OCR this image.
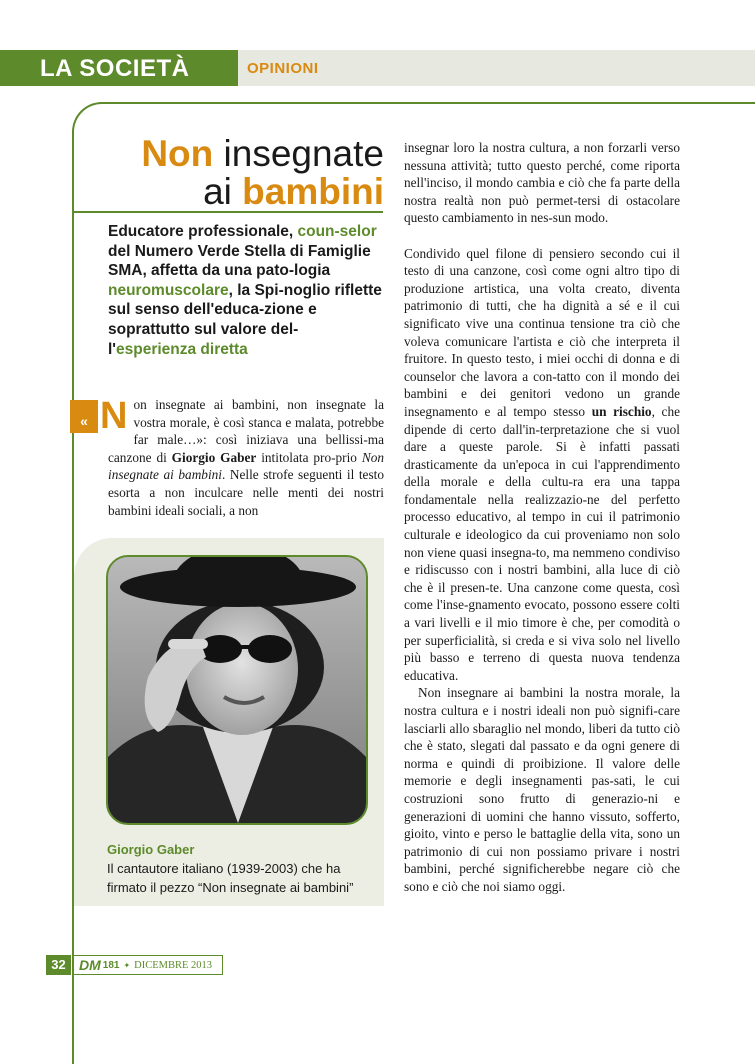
LA SOCIETÀ	OPINIONI
Non insegnate
ai bambini
Educatore professionale, coun-selor del Numero Verde Stella di Famiglie SMA, affetta da una pato-logia neuromuscolare, la Spi-noglio riflette sul senso dell'educa-zione e soprattutto sul valore del-l'esperienza diretta

« N on insegnate ai bambini, non insegnate la vostra morale, è così stanca e malata, potrebbe far male…»: così iniziava una bellissi-ma canzone di Giorgio Gaber intitolata pro-prio Non insegnate ai bambini. Nelle strofe seguenti il testo esorta a non inculcare nelle menti dei nostri bambini ideali sociali, a non

Giorgio Gaber
Il cantautore italiano (1939-2003) che ha firmato il pezzo “Non insegnate ai bambini”

insegnar loro la nostra cultura, a non forzarli verso nessuna attività; tutto questo perché, come riporta nell'inciso, il mondo cambia e ciò che fa parte della nostra realtà non può permet-tersi di ostacolare questo cambiamento in nes-sun modo.

Condivido quel filone di pensiero secondo cui il testo di una canzone, così come ogni altro tipo di produzione artistica, una volta creato, diventa patrimonio di tutti, che ha dignità a sé e il cui significato vive una continua tensione tra ciò che voleva comunicare l'artista e ciò che interpreta il fruitore. In questo testo, i miei occhi di donna e di counselor che lavora a con-tatto con il mondo dei bambini e dei genitori vedono un grande insegnamento e al tempo stesso un rischio, che dipende di certo dall'in-terpretazione che si vuol dare a queste parole. Si è infatti passati drasticamente da un'epoca in cui l'apprendimento della morale e della cultu-ra era una tappa fondamentale nella realizzazio-ne del perfetto processo educativo, al tempo in cui il patrimonio culturale e ideologico da cui proveniamo non solo non viene quasi insegna-to, ma nemmeno condiviso e ridiscusso con i nostri bambini, alla luce di ciò che è il presen-te. Una canzone come questa, così come l'inse-gnamento evocato, possono essere colti a vari livelli e il mio timore è che, per comodità o per superficialità, si creda e si viva solo nel livello più basso e terreno di questa nuova tendenza educativa.

Non insegnare ai bambini la nostra morale, la nostra cultura e i nostri ideali non può signifi-care lasciarli allo sbaraglio nel mondo, liberi da tutto ciò che è stato, slegati dal passato e da ogni genere di norma e quindi di proibizione. Il valore delle memorie e degli insegnamenti pas-sati, le cui costruzioni sono frutto di generazio-ni e generazioni di uomini che hanno vissuto, sofferto, gioito, vinto e perso le battaglie della vita, sono un patrimonio di cui non possiamo privare i nostri bambini, perché significherebbe negare ciò che sono e ciò che noi siamo oggi.

32 DM 181 ✦ DICEMBRE 2013
